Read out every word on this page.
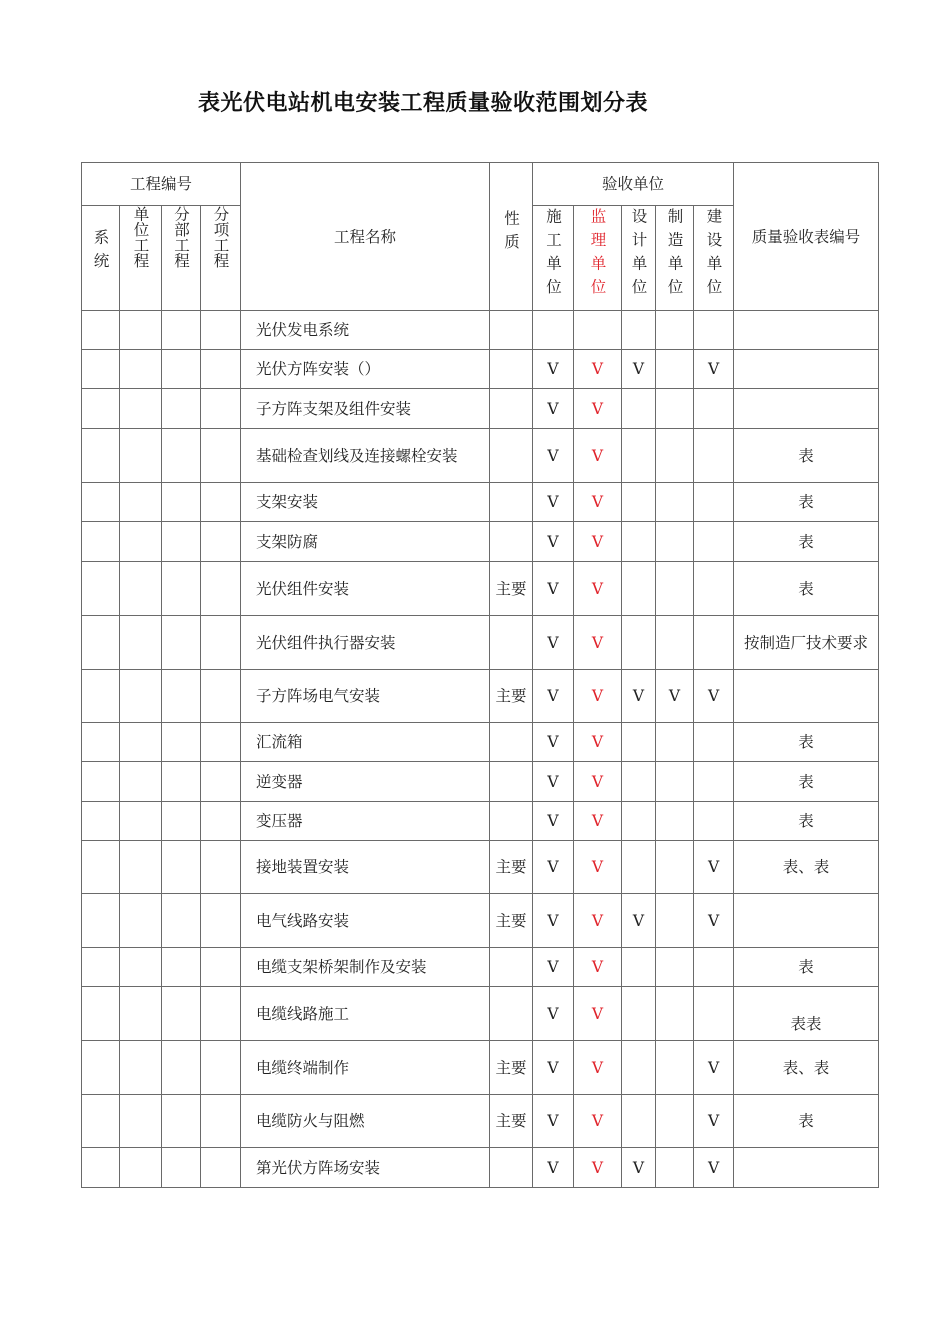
表光伏电站机电安装工程质量验收范围划分表
工程编号				工程名称	性质	验收单位					质量验收表编号
系统	单位工程	分部工程	分项工程			施工单位	监理单位	设计单位	制造单位	建设单位	
				光伏发电系统							
				光伏方阵安装（）		V	V	V		V	
				子方阵支架及组件安装		V	V				
				基础检查划线及连接螺栓安装		V	V				表
				支架安装		V	V				表
				支架防腐		V	V				表
				光伏组件安装	主要	V	V				表
				光伏组件执行器安装		V	V				按制造厂技术要求
				子方阵场电气安装	主要	V	V	V	V	V	
				汇流箱		V	V				表
				逆变器		V	V				表
				变压器		V	V				表
				接地装置安装	主要	V	V			V	表、表
				电气线路安装	主要	V	V	V		V	
				电缆支架桥架制作及安装		V	V				表
				电缆线路施工		V	V				表表
				电缆终端制作	主要	V	V			V	表、表
				电缆防火与阻燃	主要	V	V			V	表
				第光伏方阵场安装		V	V	V		V	
